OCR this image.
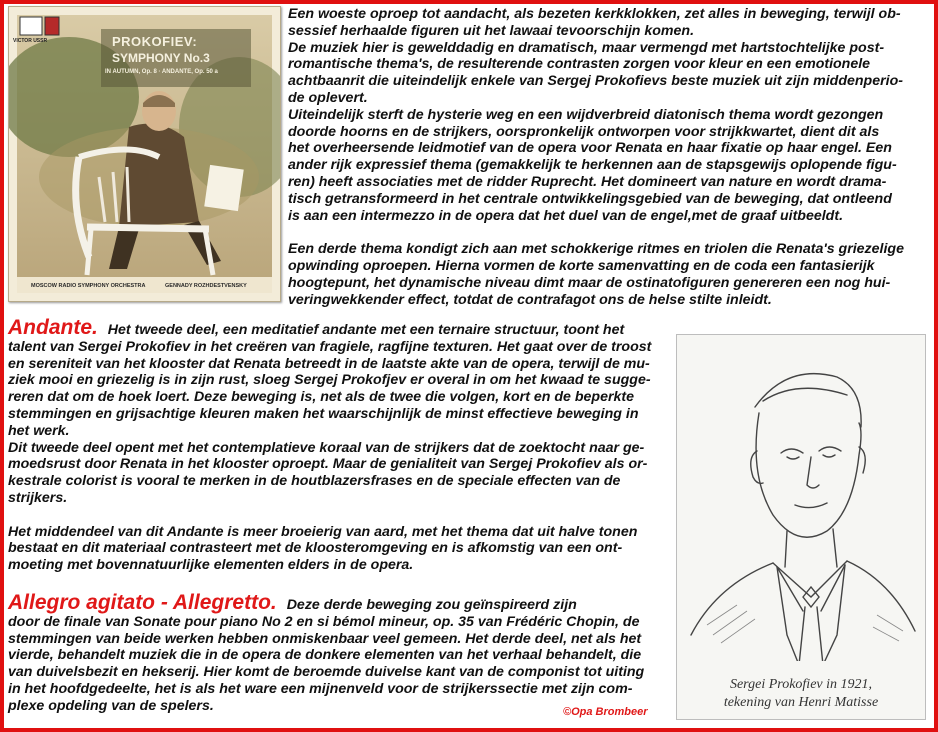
VICTOR USSR	PROKOFIEV:
SYMPHONY No.3
IN AUTUMN, Op. 8 · ANDANTE, Op. 50 a
MOSCOW RADIO SYMPHONY ORCHESTRA	GENNADY ROZHDESTVENSKY
Een woeste oproep tot aandacht, als bezeten kerkklokken, zet alles in beweging, terwijl ob-
sessief herhaalde figuren uit het lawaai tevoorschijn komen.
De muziek hier is gewelddadig en dramatisch, maar vermengd met hartstochtelijke post-
romantische thema's, de resulterende contrasten zorgen voor kleur en een emotionele
achtbaanrit die uiteindelijk enkele van Sergej Prokofievs beste muziek uit zijn middenperio-
de oplevert.
Uiteindelijk sterft de hysterie weg en een wijdverbreid diatonisch thema wordt gezongen
doorde hoorns en de strijkers, oorspronkelijk ontworpen voor strijkkwartet, dient dit als
het overheersende leidmotief van de opera voor Renata en haar fixatie op haar engel. Een
ander rijk expressief thema (gemakkelijk te herkennen aan de stapsgewijs oplopende figu-
ren) heeft associaties met de ridder Ruprecht. Het domineert van nature en wordt drama-
tisch getransformeerd in het centrale ontwikkelingsgebied van de beweging, dat ontleend
is aan een intermezzo in de opera dat het duel van de engel,met de graaf uitbeeldt.

Een derde thema kondigt zich aan met schokkerige ritmes en triolen die Renata's griezelige
opwinding oproepen. Hierna vormen de korte samenvatting en de coda een fantasierijk
hoogtepunt, het dynamische niveau dimt maar de ostinatofiguren genereren een nog hui-
veringwekkender effect, totdat de contrafagot ons de helse stilte inleidt.
Andante. Het tweede deel, een meditatief andante met een ternaire structuur, toont het
talent van Sergei Prokofiev in het creëren van fragiele, ragfijne texturen. Het gaat over de troost
en sereniteit van het klooster dat Renata betreedt in de laatste akte van de opera, terwijl de mu-
ziek mooi en griezelig is in zijn rust, sloeg Sergej Prokofjev er overal in om het kwaad te sugge-
reren dat om de hoek loert. Deze beweging is, net als de twee die volgen, kort en de beperkte
stemmingen en grijsachtige kleuren maken het waarschijnlijk de minst effectieve beweging in
het werk.
Dit tweede deel opent met het contemplatieve koraal van de strijkers dat de zoektocht naar ge-
moedsrust door Renata in het klooster oproept. Maar de genialiteit van Sergej Prokofiev als or-
kestrale colorist is vooral te merken in de houtblazersfrases en de speciale effecten van de
strijkers.

Het middendeel van dit Andante is meer broeierig van aard, met het thema dat uit halve tonen
bestaat en dit materiaal contrasteert met de kloosteromgeving en is afkomstig van een ont-
moeting met bovennatuurlijke elementen elders in de opera.
Allegro agitato - Allegretto. Deze derde beweging zou geïnspireerd zijn
door de finale van Sonate pour piano No 2 en si bémol mineur, op. 35 van Frédéric Chopin, de
stemmingen van beide werken hebben onmiskenbaar veel gemeen. Het derde deel, net als het
vierde, behandelt muziek die in de opera de donkere elementen van het verhaal behandelt, die
van duivelsbezit en hekserij. Hier komt de beroemde duivelse kant van de componist tot uiting
in het hoofdgedeelte, het is als het ware een mijnenveld voor de strijkerssectie met zijn com-
plexe opdeling van de spelers.
Sergei Prokofiev in 1921,
tekening van Henri Matisse
©Opa Brombeer
